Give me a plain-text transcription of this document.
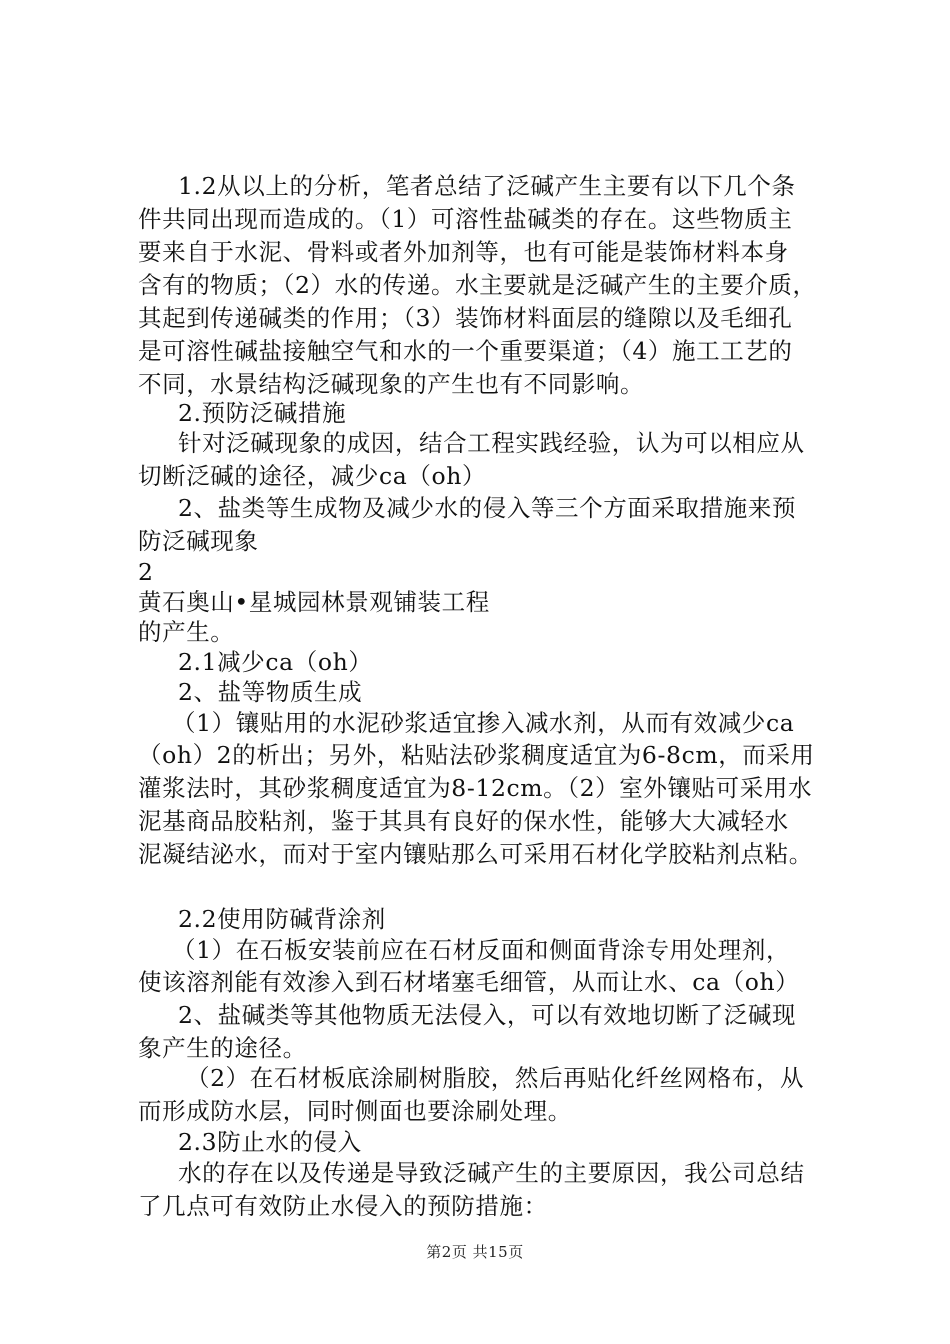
1.2从以上的分析，笔者总结了泛碱产生主要有以下几个条
件共同出现而造成的。（1）可溶性盐碱类的存在。这些物质主
要来自于水泥、骨料或者外加剂等，也有可能是装饰材料本身
含有的物质；（2）水的传递。水主要就是泛碱产生的主要介质，
其起到传递碱类的作用；（3）装饰材料面层的缝隙以及毛细孔
是可溶性碱盐接触空气和水的一个重要渠道；（4）施工工艺的
不同，水景结构泛碱现象的产生也有不同影响。
2.预防泛碱措施
针对泛碱现象的成因，结合工程实践经验，认为可以相应从
切断泛碱的途径，减少ca（oh）
2、盐类等生成物及减少水的侵入等三个方面采取措施来预
防泛碱现象
2
黄石奥山•星城园林景观铺装工程
的产生。
2.1减少ca（oh）
2、盐等物质生成
（1）镶贴用的水泥砂浆适宜掺入减水剂，从而有效减少ca
（oh）2的析出；另外，粘贴法砂浆稠度适宜为6-8cm，而采用
灌浆法时，其砂浆稠度适宜为8-12cm。（2）室外镶贴可采用水
泥基商品胶粘剂，鉴于其具有良好的保水性，能够大大减轻水
泥凝结泌水，而对于室内镶贴那么可采用石材化学胶粘剂点粘。
2.2使用防碱背涂剂
（1）在石板安装前应在石材反面和侧面背涂专用处理剂，
使该溶剂能有效渗入到石材堵塞毛细管，从而让水、ca（oh）
2、盐碱类等其他物质无法侵入，可以有效地切断了泛碱现
象产生的途径。
（2）在石材板底涂刷树脂胶，然后再贴化纤丝网格布，从
而形成防水层，同时侧面也要涂刷处理。
2.3防止水的侵入
水的存在以及传递是导致泛碱产生的主要原因，我公司总结
了几点可有效防止水侵入的预防措施：
第2页 共15页
